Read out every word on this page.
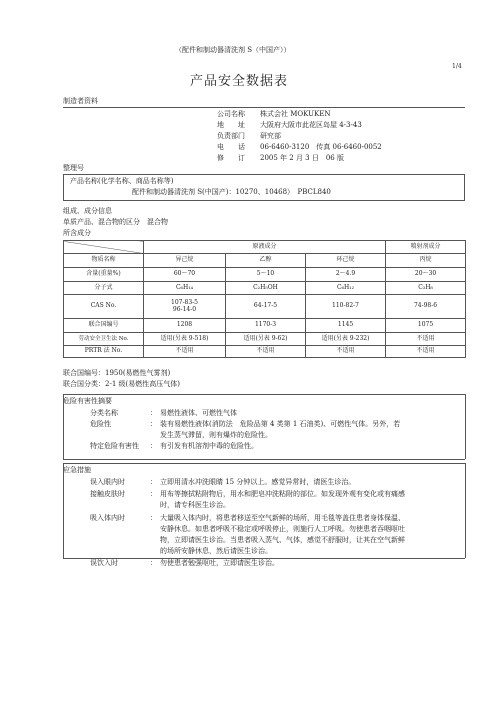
（配件和制动器清洗剂 S（中国产））
1/4
产品安全数据表
制造者资料
公司名称 株式会社 MOKUKEN
地　　址 大阪府大阪市此花区岛屋 4-3-43
负责部门 研究部
电　　话 06-6460-3120　传真 06-6460-0052
修　　订 2005 年 2 月 3 日　06 版
整理号
产品名称(化学名称、商品名称等)
配件和制动器清洗剂 S(中国产)：10270、10468）　PBCL840
组成、成分信息
单质产品、混合物的区分　混合物
所含成分
	原液成分			喷射剂成分
物质名称	异己烷	乙醇	环己烷	丙烷
含量(重量%)	60～70	5～10	2～4.9	20～30
分子式	C₆H₁₄	C₂H₅OH	C₆H₁₂	C₃H₈
CAS No.	107-83-5
96-14-0	64-17-5	110-82-7	74-98-6
联合国编号	1208	1170-3	1145	1075
劳动安全卫生法 No.	适用(另表 9-518)	适用(另表 9-62)	适用(另表 9-232)	不适用
PRTR 法 No.	不适用	不适用	不适用	不适用
联合国编号：1950(易燃性气雾剂)
联合国分类：2-1 级(易燃性高压气体)
危险有害性摘要
分类名称	： 易燃性液体、可燃性气体
危险性	： 装有易燃性液体(消防法　危险品第 4 类第 1 石油类)、可燃性气体。另外，若
发生蒸气滞留，则有爆炸的危险性。
特定危险有害性 ： 有引发有机溶剂中毒的危险性。
应急措施
误入眼内时	： 立即用清水冲洗眼睛 15 分钟以上。感觉异常时，请医生诊治。
接触皮肤时	： 用布等擦拭粘附物后，用水和肥皂冲洗粘附的部位。如发现外观有变化或有痛感
时，请专科医生诊治。
吸入体内时	： 大量吸入体内时，将患者移送至空气新鲜的场所，用毛毯等盖住患者身体保温、
安静休息。如患者呼吸不稳定或呼吸停止，则施行人工呼吸。勿使患者吞咽呕吐
物，立即请医生诊治。当患者吸入蒸气、气体，感觉不舒服时，让其在空气新鲜
的场所安静休息，然后请医生诊治。
误饮入时	： 勿使患者勉强呕吐，立即请医生诊治。
